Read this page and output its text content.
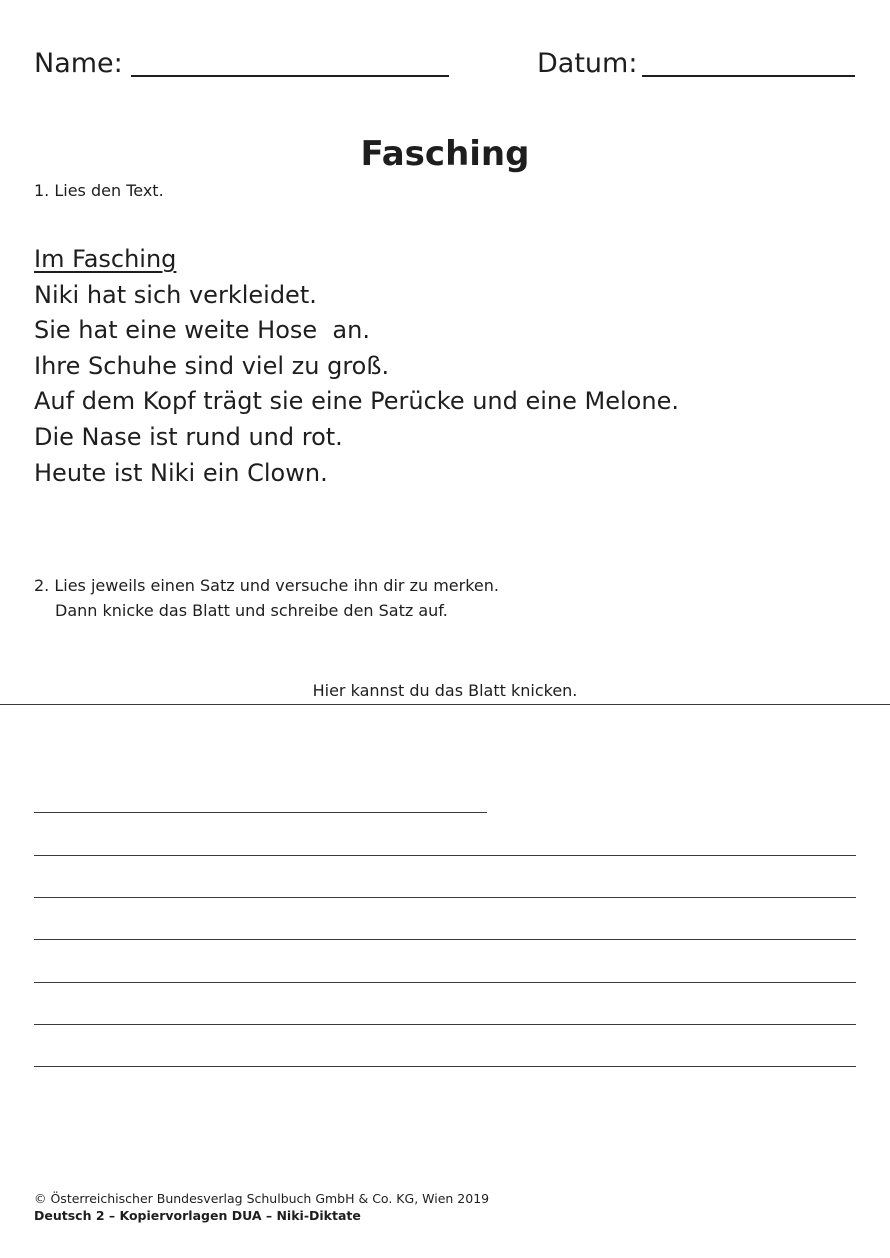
Name:	Datum:
Fasching
1. Lies den Text.
Im Fasching
Niki hat sich verkleidet.
Sie hat eine weite Hose  an.
Ihre Schuhe sind viel zu groß.
Auf dem Kopf trägt sie eine Perücke und eine Melone.
Die Nase ist rund und rot.
Heute ist Niki ein Clown.
2. Lies jeweils einen Satz und versuche ihn dir zu merken.
Dann knicke das Blatt und schreibe den Satz auf.
Hier kannst du das Blatt knicken.
© Österreichischer Bundesverlag Schulbuch GmbH & Co. KG, Wien 2019
Deutsch 2 – Kopiervorlagen DUA – Niki-Diktate
